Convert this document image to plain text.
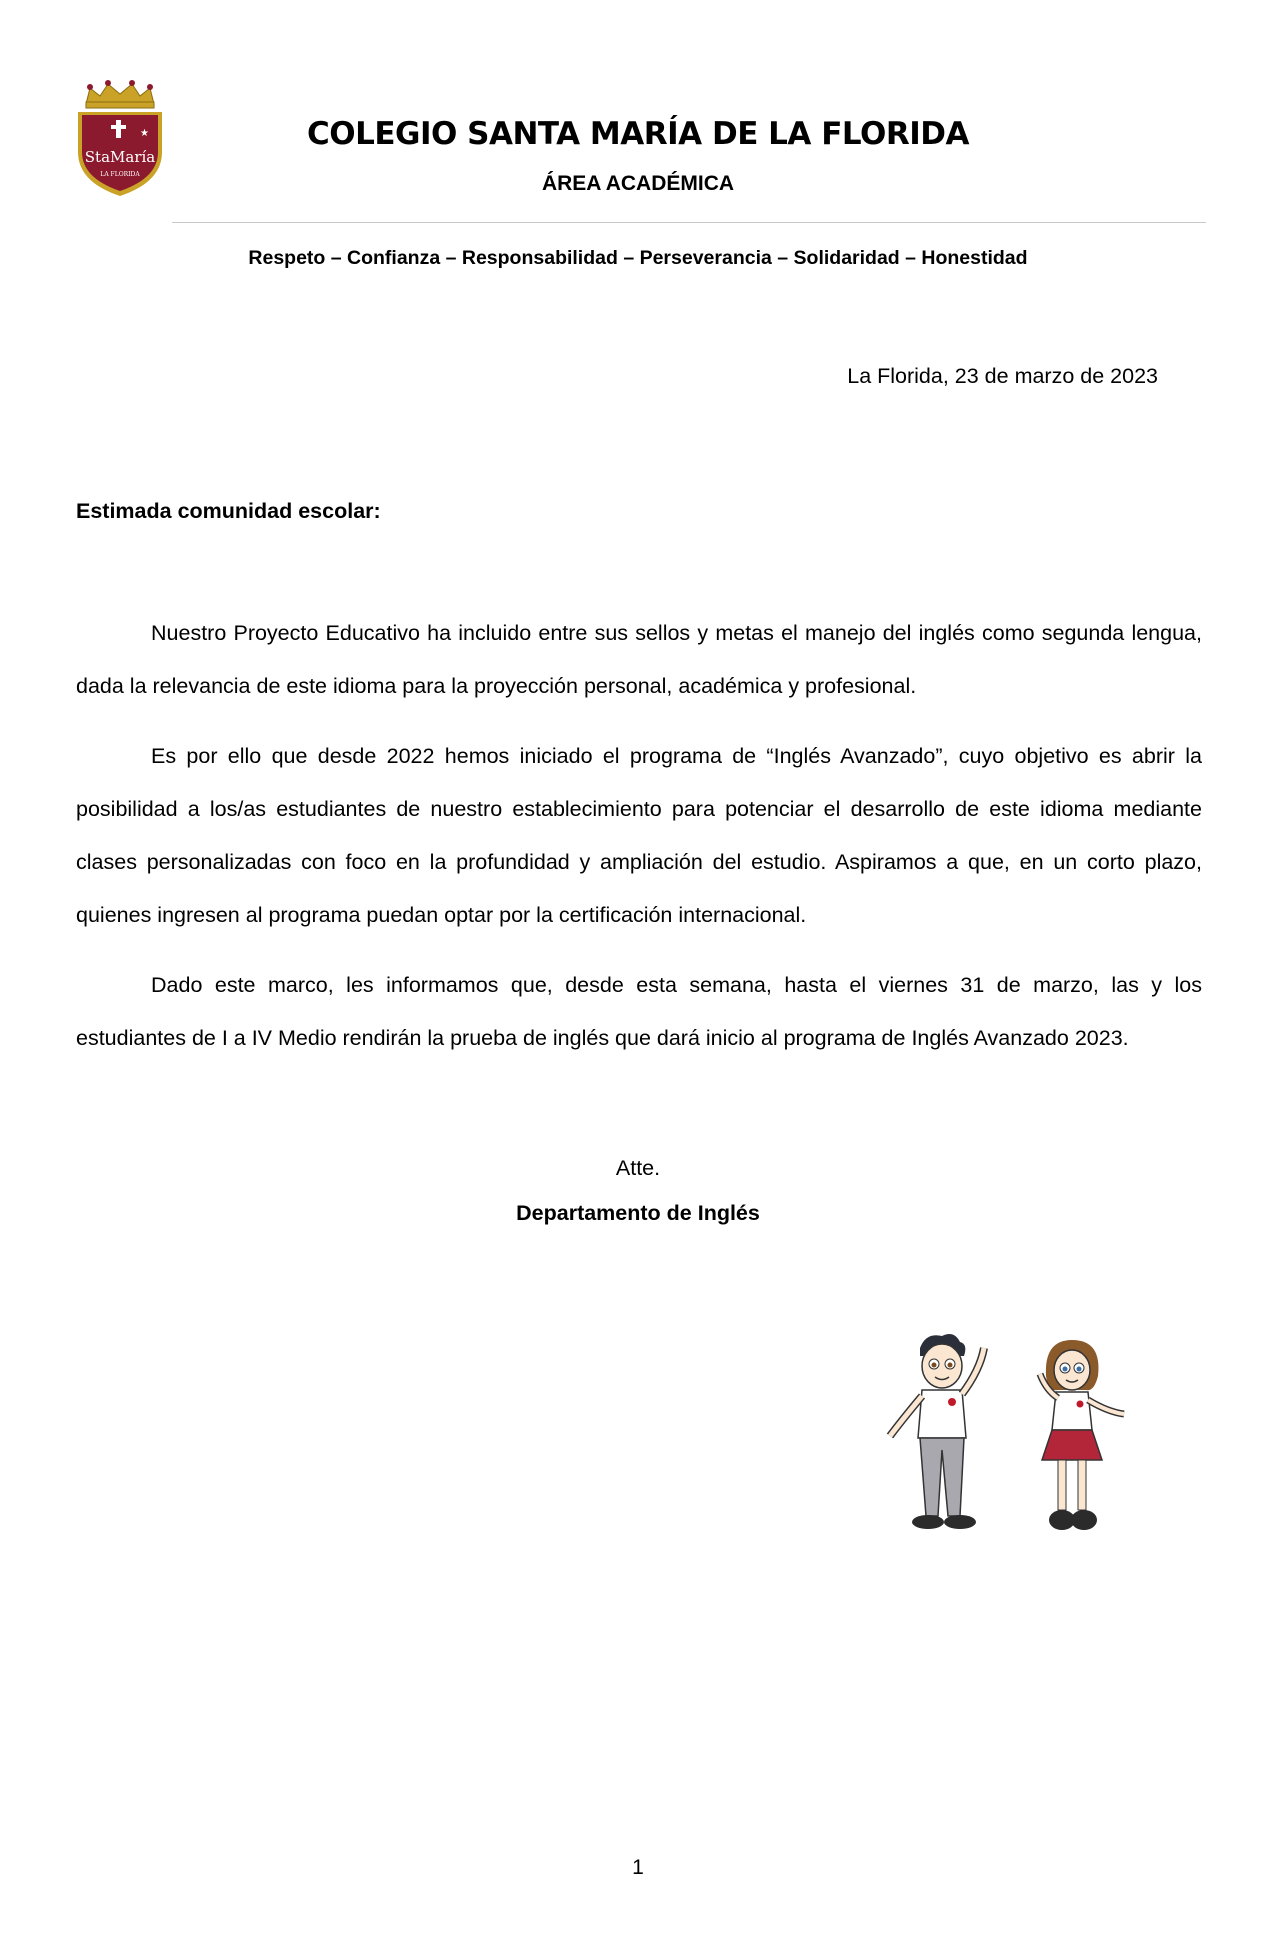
★
StaMaría
LA FLORIDA
COLEGIO SANTA MARÍA DE LA FLORIDA
ÁREA ACADÉMICA
Respeto – Confianza – Responsabilidad – Perseverancia – Solidaridad – Honestidad
La Florida, 23 de marzo de 2023
Estimada comunidad escolar:

Nuestro Proyecto Educativo ha incluido entre sus sellos y metas el manejo del inglés como segunda lengua, dada la relevancia de este idioma para la proyección personal, académica y profesional.

Es por ello que desde 2022 hemos iniciado el programa de “Inglés Avanzado”, cuyo objetivo es abrir la posibilidad a los/as estudiantes de nuestro establecimiento para potenciar el desarrollo de este idioma mediante clases personalizadas con foco en la profundidad y ampliación del estudio. Aspiramos a que, en un corto plazo, quienes ingresen al programa puedan optar por la certificación internacional.

Dado este marco, les informamos que, desde esta semana, hasta el viernes 31 de marzo, las y los estudiantes de I a IV Medio rendirán la prueba de inglés que dará inicio al programa de Inglés Avanzado 2023.

Atte.
Departamento de Inglés
1
